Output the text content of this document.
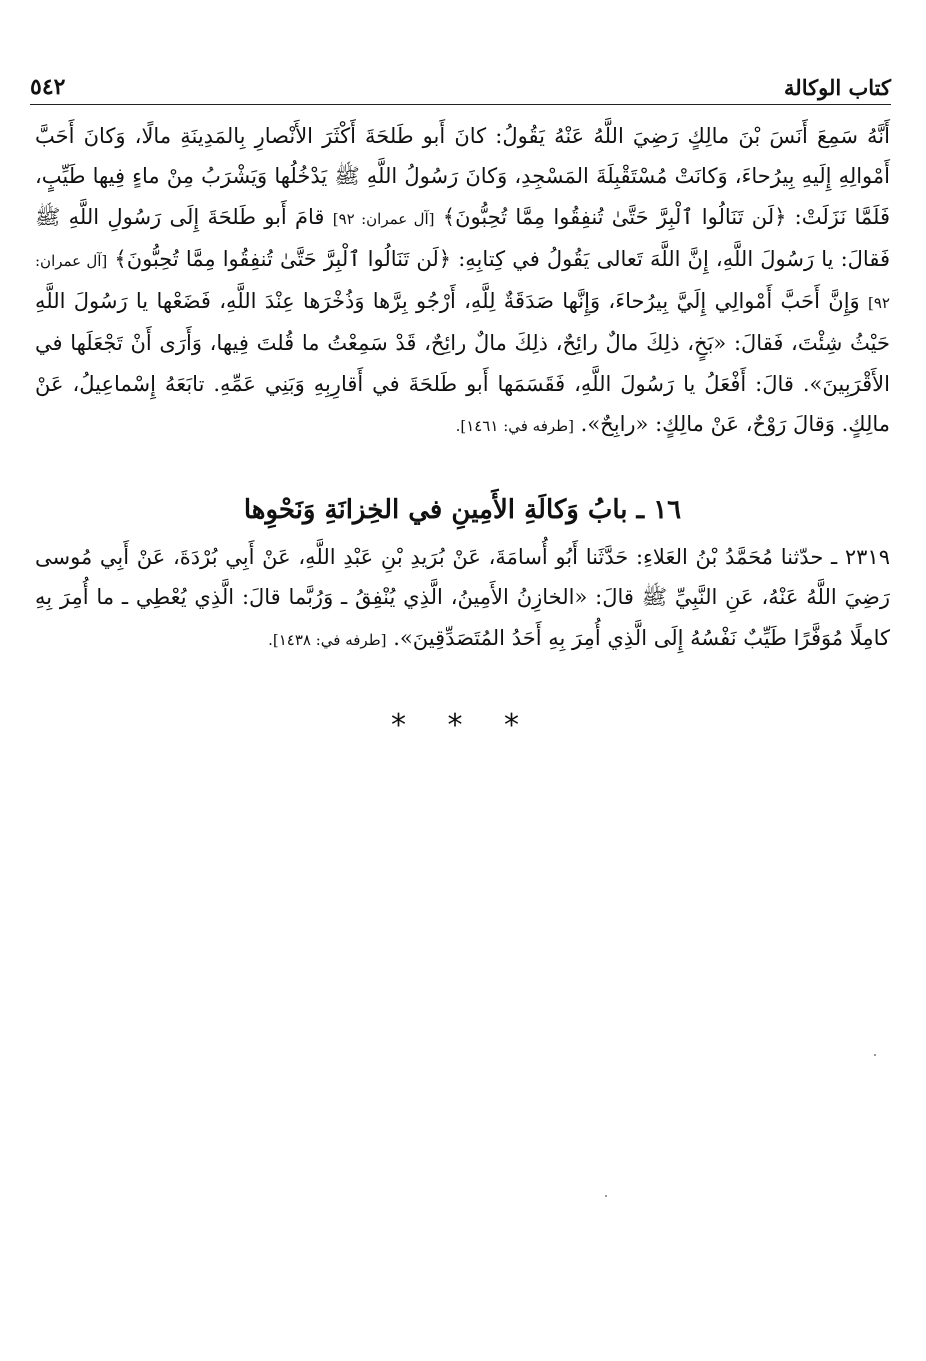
كتاب الوكالة
٥٤٢

أَنَّهُ سَمِعَ أَنَسَ بْنَ مالِكٍ رَضِيَ اللَّهُ عَنْهُ يَقُولُ: كانَ أَبو طَلحَةَ أَكْثَرَ الأَنْصارِ بِالمَدِينَةِ مالًا، وَكانَ أَحَبَّ أَمْوالِهِ إِلَيهِ بِيرُحاءَ، وَكانَتْ مُسْتَقْبِلَةَ المَسْجِدِ، وَكانَ رَسُولُ اللَّهِ ﷺ يَدْخُلُها وَيَشْرَبُ مِنْ ماءٍ فِيها طَيِّبٍ، فَلَمَّا نَزَلَتْ: ﴿لَن تَنَالُوا ٱلْبِرَّ حَتَّىٰ تُنفِقُوا مِمَّا تُحِبُّونَ﴾ [آل عمران: ٩٢] قامَ أَبو طَلحَةَ إِلَى رَسُولِ اللَّهِ ﷺ فَقالَ: يا رَسُولَ اللَّهِ، إِنَّ اللَّهَ تَعالى يَقُولُ في كِتابِهِ: ﴿لَن تَنَالُوا ٱلْبِرَّ حَتَّىٰ تُنفِقُوا مِمَّا تُحِبُّونَ﴾ [آل عمران: ٩٢] وَإِنَّ أَحَبَّ أَمْوالِي إِلَيَّ بِيرُحاءَ، وَإِنَّها صَدَقَةٌ لِلَّهِ، أَرْجُو بِرَّها وَذُخْرَها عِنْدَ اللَّهِ، فَضَعْها يا رَسُولَ اللَّهِ حَيْثُ شِئْتَ، فَقالَ: «بَخٍ، ذلِكَ مالٌ رائِحٌ، ذلِكَ مالٌ رائِحٌ، قَدْ سَمِعْتُ ما قُلتَ فِيها، وَأَرَى أَنْ تَجْعَلَها في الأَقْرَبِينَ». قالَ: أَفْعَلُ يا رَسُولَ اللَّهِ، فَقَسَمَها أَبو طَلحَةَ في أَقارِبِهِ وَبَنِي عَمِّهِ. تابَعَهُ إِسْماعِيلُ، عَنْ مالِكٍ. وَقالَ رَوْحٌ، عَنْ مالِكٍ: «رابِحٌ». [طرفه في: ١٤٦١].

١٦ ـ بابُ وَكالَةِ الأَمِينِ في الخِزانَةِ وَنَحْوِها

٢٣١٩ ـ حدّثنا مُحَمَّدُ بْنُ العَلاءِ: حَدَّثَنا أَبُو أُسامَةَ، عَنْ بُرَيدِ بْنِ عَبْدِ اللَّهِ، عَنْ أَبِي بُرْدَةَ، عَنْ أَبِي مُوسى رَضِيَ اللَّهُ عَنْهُ، عَنِ النَّبِيِّ ﷺ قالَ: «الخازِنُ الأَمِينُ، الَّذِي يُنْفِقُ ـ وَرُبَّما قالَ: الَّذِي يُعْطِي ـ ما أُمِرَ بِهِ كامِلًا مُوَفَّرًا طَيِّبٌ نَفْسُهُ إِلَى الَّذِي أُمِرَ بِهِ أَحَدُ المُتَصَدِّقِينَ». [طرفه في: ١٤٣٨].

* * *
